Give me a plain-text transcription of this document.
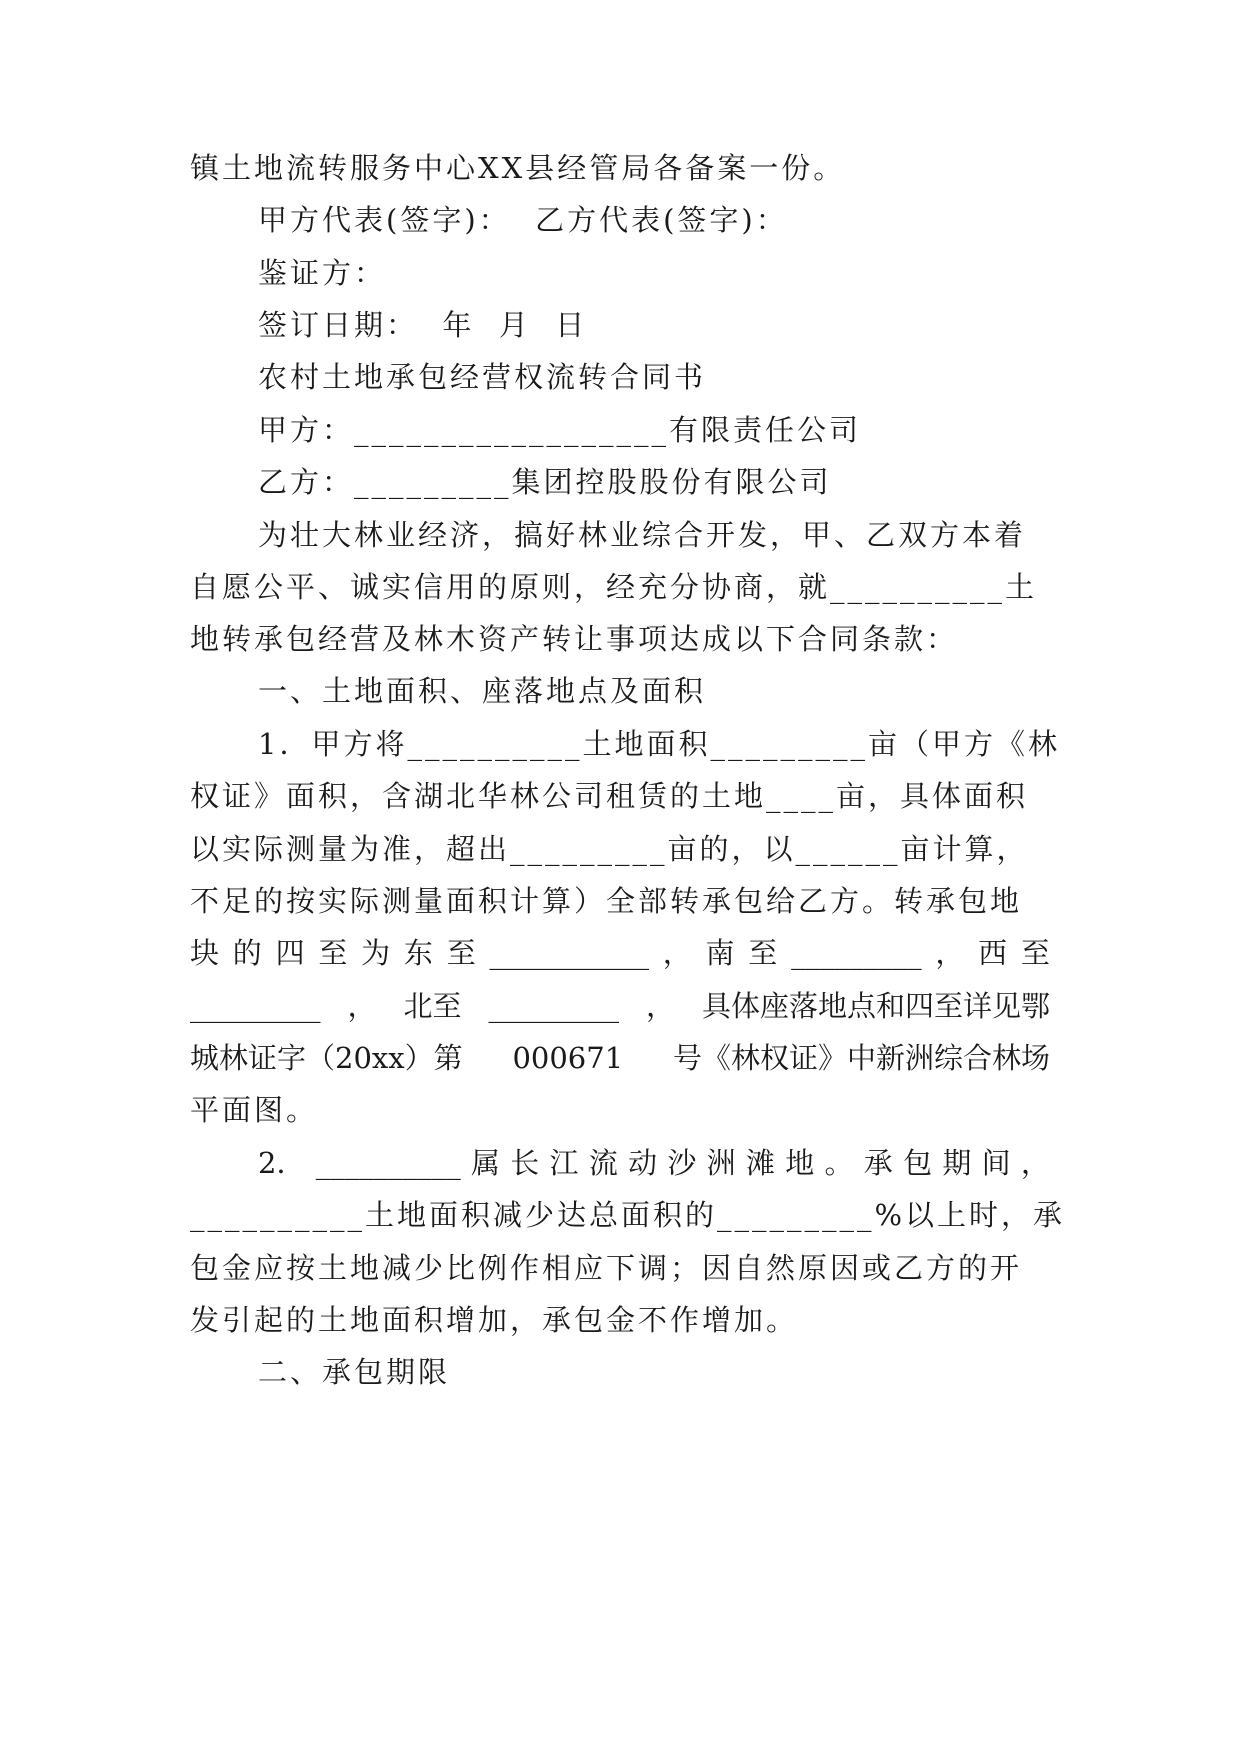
镇土地流转服务中心XX县经管局各备案一份。
甲方代表(签字)：  乙方代表(签字)：
鉴证方：
签订日期：  年  月  日
农村土地承包经营权流转合同书
甲方：__________________有限责任公司
乙方：_________集团控股股份有限公司
为壮大林业经济，搞好林业综合开发，甲、乙双方本着
自愿公平、诚实信用的原则，经充分协商，就__________土
地转承包经营及林木资产转让事项达成以下合同条款：
一、土地面积、座落地点及面积
1．甲方将__________土地面积_________亩（甲方《林
权证》面积，含湖北华林公司租赁的土地____亩，具体面积
以实际测量为准，超出_________亩的，以______亩计算，
不足的按实际测量面积计算）全部转承包给乙方。转承包地
块 的 四 至 为 东 至 ___________ ， 南 至 _________ ， 西 至
_________ ， 北至 _________ ， 具体座落地点和四至详见鄂
城林证字（20xx）第 000671 号《林权证》中新洲综合林场
平面图。
2． __________ 属 长 江 流 动 沙 洲 滩 地 。 承 包 期 间 ，
__________土地面积减少达总面积的_________%以上时，承
包金应按土地减少比例作相应下调；因自然原因或乙方的开
发引起的土地面积增加，承包金不作增加。
二、承包期限
